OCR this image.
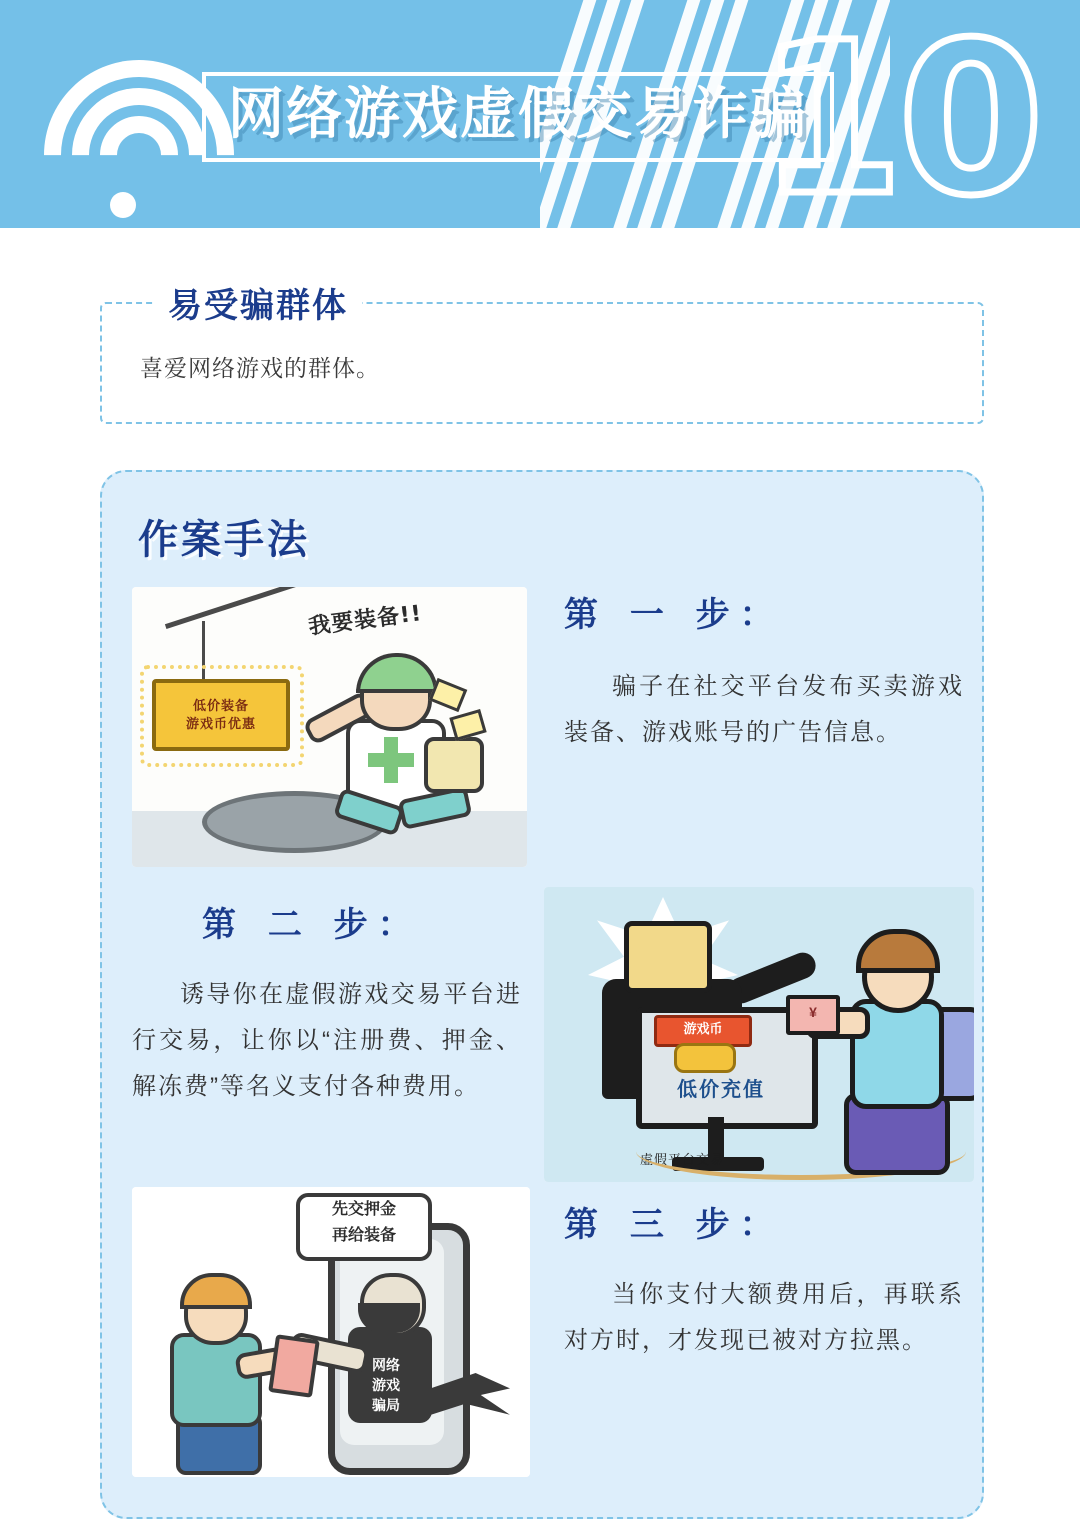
10
网络游戏虚假交易诈骗
易受骗群体
喜爱网络游戏的群体。
作案手法
低价装备
游戏币优惠
我要装备!!	第 一 步：
骗子在社交平台发布买卖游戏装备、游戏账号的广告信息。
第 二 步：
诱导你在虚假游戏交易平台进行交易，让你以“注册费、押金、解冻费”等名义支付各种费用。
游戏币
低价充值
虚假平台交易
¥
先交押金
再给装备
网络
游戏
骗局
第 三 步：
当你支付大额费用后，再联系对方时，才发现已被对方拉黑。
